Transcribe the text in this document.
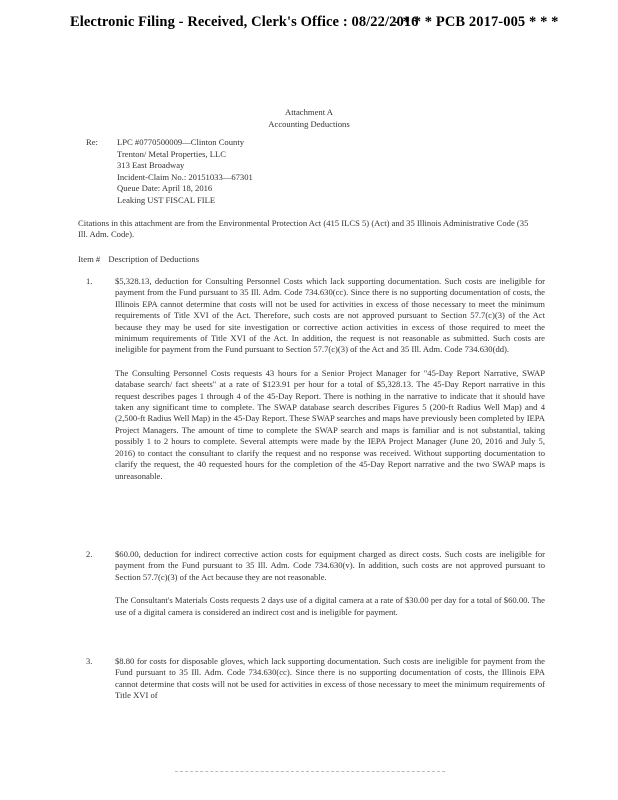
Electronic Filing - Received, Clerk's Office : 08/22/2016
- * * * PCB 2017-005 * * *
Attachment A
Accounting Deductions
Re: LPC #0770500009—Clinton County
Trenton/ Metal Properties, LLC
313 East Broadway
Incident-Claim No.: 20151033—67301
Queue Date: April 18, 2016
Leaking UST FISCAL FILE
Citations in this attachment are from the Environmental Protection Act (415 ILCS 5) (Act) and 35 Illinois Administrative Code (35 Ill. Adm. Code).
Item # Description of Deductions
1.	$5,328.13, deduction for Consulting Personnel Costs which lack supporting documentation. Such costs are ineligible for payment from the Fund pursuant to 35 Ill. Adm. Code 734.630(cc). Since there is no supporting documentation of costs, the Illinois EPA cannot determine that costs will not be used for activities in excess of those necessary to meet the minimum requirements of Title XVI of the Act. Therefore, such costs are not approved pursuant to Section 57.7(c)(3) of the Act because they may be used for site investigation or corrective action activities in excess of those required to meet the minimum requirements of Title XVI of the Act. In addition, the request is not reasonable as submitted. Such costs are ineligible for payment from the Fund pursuant to Section 57.7(c)(3) of the Act and 35 Ill. Adm. Code 734.630(dd).
The Consulting Personnel Costs requests 43 hours for a Senior Project Manager for "45-Day Report Narrative, SWAP database search/ fact sheets" at a rate of $123.91 per hour for a total of $5,328.13. The 45-Day Report narrative in this request describes pages 1 through 4 of the 45-Day Report. There is nothing in the narrative to indicate that it should have taken any significant time to complete. The SWAP database search describes Figures 5 (200-ft Radius Well Map) and 4 (2,500-ft Radius Well Map) in the 45-Day Report. These SWAP searches and maps have previously been completed by IEPA Project Managers. The amount of time to complete the SWAP search and maps is familiar and is not substantial, taking possibly 1 to 2 hours to complete. Several attempts were made by the IEPA Project Manager (June 20, 2016 and July 5, 2016) to contact the consultant to clarify the request and no response was received. Without supporting documentation to clarify the request, the 40 requested hours for the completion of the 45-Day Report narrative and the two SWAP maps is unreasonable.
2.	$60.00, deduction for indirect corrective action costs for equipment charged as direct costs. Such costs are ineligible for payment from the Fund pursuant to 35 Ill. Adm. Code 734.630(v). In addition, such costs are not approved pursuant to Section 57.7(c)(3) of the Act because they are not reasonable.
The Consultant's Materials Costs requests 2 days use of a digital camera at a rate of $30.00 per day for a total of $60.00. The use of a digital camera is considered an indirect cost and is ineligible for payment.
3.	$8.80 for costs for disposable gloves, which lack supporting documentation. Such costs are ineligible for payment from the Fund pursuant to 35 Ill. Adm. Code 734.630(cc). Since there is no supporting documentation of costs, the Illinois EPA cannot determine that costs will not be used for activities in excess of those necessary to meet the minimum requirements of Title XVI of
